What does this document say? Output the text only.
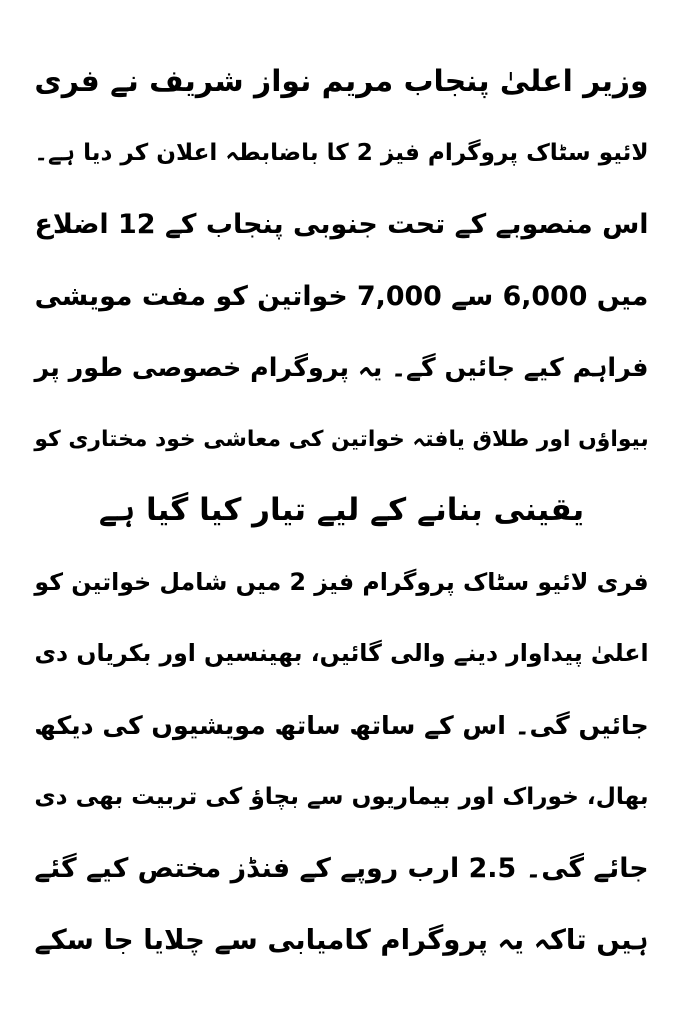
وزیر اعلیٰ پنجاب مریم نواز شریف نے فری
لائیو سٹاک پروگرام فیز 2 کا باضابطہ اعلان کر دیا ہے۔
اس منصوبے کے تحت جنوبی پنجاب کے 12 اضلاع
میں 6,000 سے 7,000 خواتین کو مفت مویشی
فراہم کیے جائیں گے۔ یہ پروگرام خصوصی طور پر
بیواؤں اور طلاق یافتہ خواتین کی معاشی خود مختاری کو
یقینی بنانے کے لیے تیار کیا گیا ہے
فری لائیو سٹاک پروگرام فیز 2 میں شامل خواتین کو
اعلیٰ پیداوار دینے والی گائیں، بھینسیں اور بکریاں دی
جائیں گی۔ اس کے ساتھ ساتھ مویشیوں کی دیکھ
بھال، خوراک اور بیماریوں سے بچاؤ کی تربیت بھی دی
جائے گی۔ 2.5 ارب روپے کے فنڈز مختص کیے گئے
ہیں تاکہ یہ پروگرام کامیابی سے چلایا جا سکے
